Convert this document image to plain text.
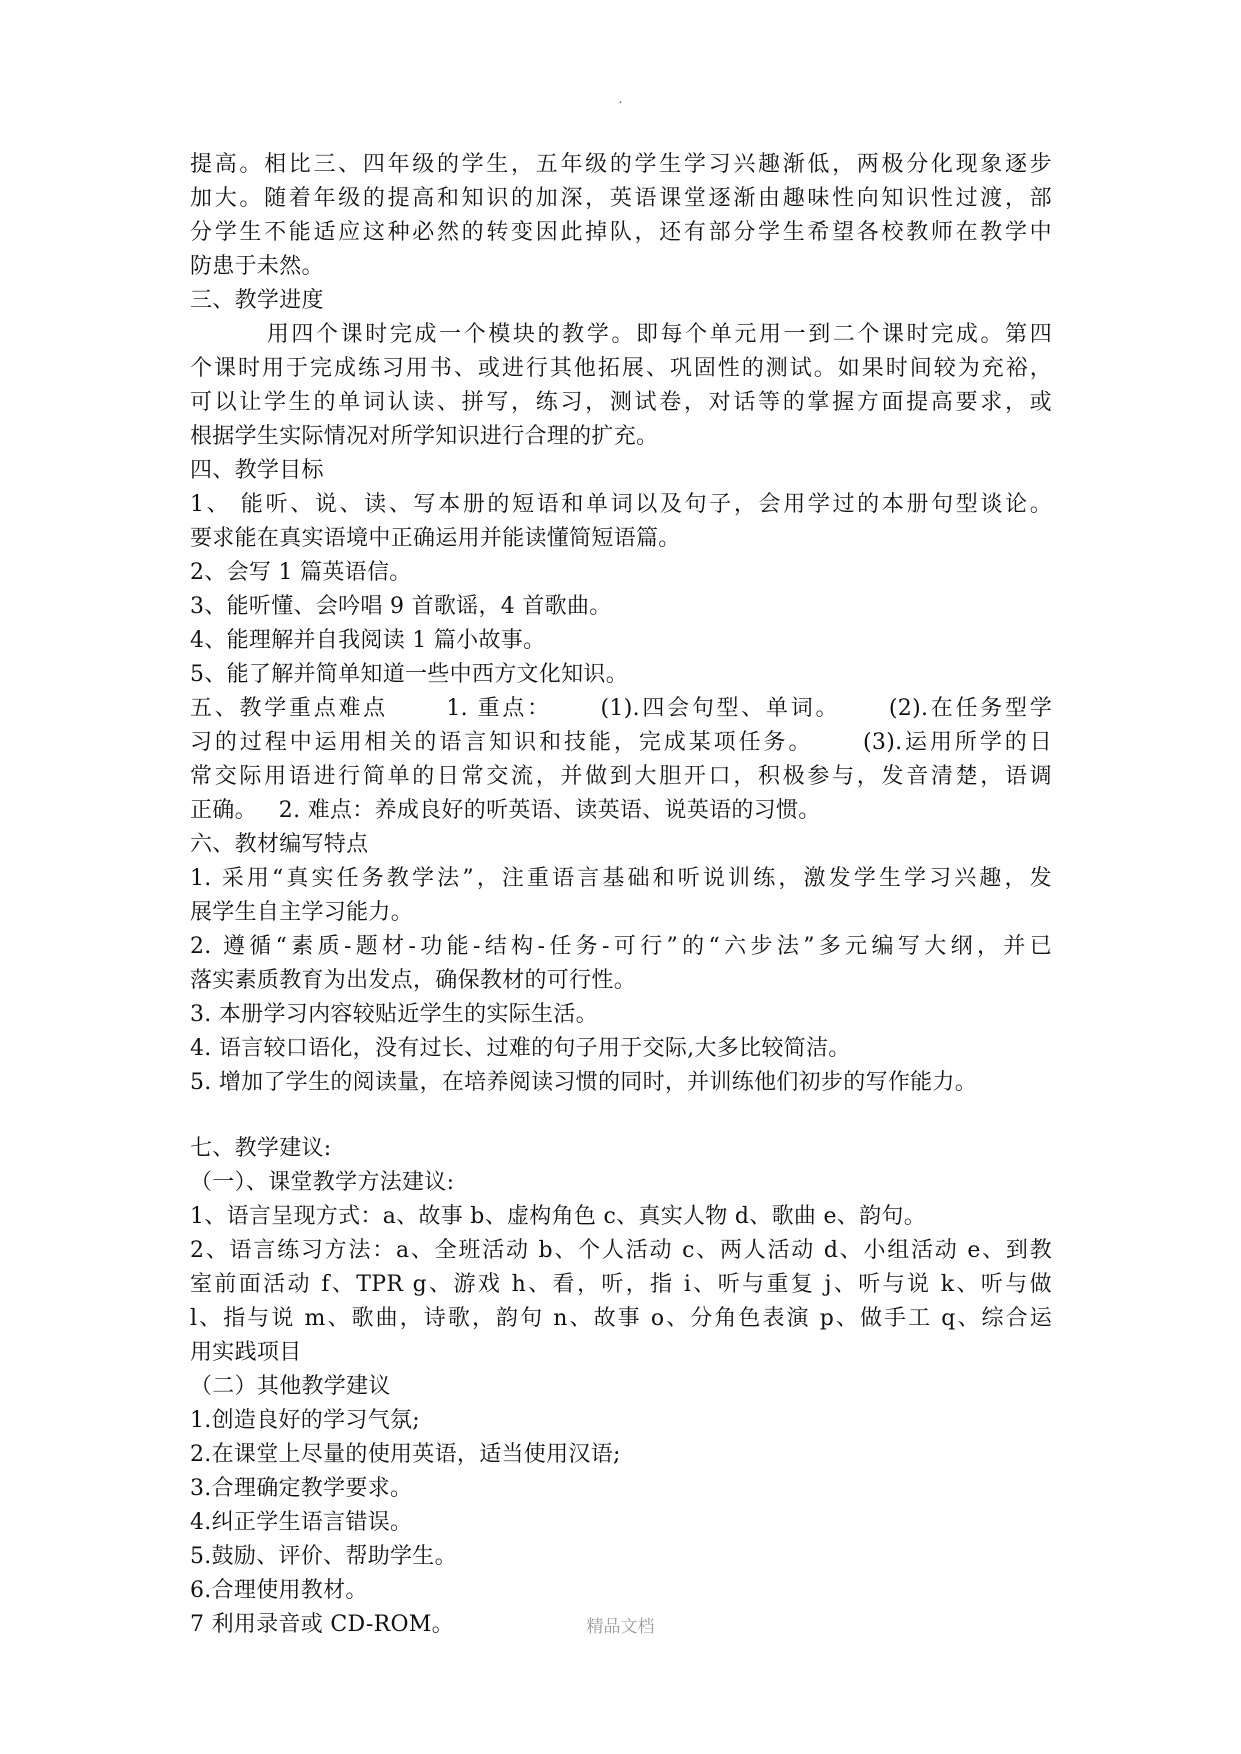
.
提高。相比三、四年级的学生，五年级的学生学习兴趣渐低，两极分化现象逐步
加大。随着年级的提高和知识的加深，英语课堂逐渐由趣味性向知识性过渡，部
分学生不能适应这种必然的转变因此掉队，还有部分学生希望各校教师在教学中
防患于未然。
三、教学进度
用四个课时完成一个模块的教学。即每个单元用一到二个课时完成。第四
个课时用于完成练习用书、或进行其他拓展、巩固性的测试。如果时间较为充裕，
可以让学生的单词认读、拼写，练习，测试卷，对话等的掌握方面提高要求，或
根据学生实际情况对所学知识进行合理的扩充。
四、教学目标
1、 能听、说、读、写本册的短语和单词以及句子，会用学过的本册句型谈论。
要求能在真实语境中正确运用并能读懂简短语篇。
2、会写 1 篇英语信。
3、能听懂、会吟唱 9 首歌谣，4 首歌曲。
4、能理解并自我阅读 1 篇小故事。
5、能了解并简单知道一些中西方文化知识。
五、教学重点难点      1. 重点：     (1).四会句型、单词。     (2).在任务型学
习的过程中运用相关的语言知识和技能，完成某项任务。     (3).运用所学的日
常交际用语进行简单的日常交流，并做到大胆开口，积极参与，发音清楚，语调
正确。   2. 难点：养成良好的听英语、读英语、说英语的习惯。
六、教材编写特点
1. 采用“真实任务教学法”，注重语言基础和听说训练，激发学生学习兴趣，发
展学生自主学习能力。
2. 遵循“素质-题材-功能-结构-任务-可行”的“六步法”多元编写大纲，并已
落实素质教育为出发点，确保教材的可行性。
3. 本册学习内容较贴近学生的实际生活。
4. 语言较口语化，没有过长、过难的句子用于交际,大多比较简洁。
5. 增加了学生的阅读量，在培养阅读习惯的同时，并训练他们初步的写作能力。
七、教学建议:
（一）、课堂教学方法建议:
1、语言呈现方式：a、故事 b、虚构角色 c、真实人物 d、歌曲 e、韵句。
2、语言练习方法：a、全班活动 b、个人活动 c、两人活动 d、小组活动 e、到教
室前面活动 f、TPR g、游戏 h、看，听，指 i、听与重复 j、听与说 k、听与做
l、指与说 m、歌曲，诗歌，韵句 n、故事 o、分角色表演 p、做手工 q、综合运
用实践项目
（二）其他教学建议
1.创造良好的学习气氛;
2.在课堂上尽量的使用英语，适当使用汉语;
3.合理确定教学要求。
4.纠正学生语言错误。
5.鼓励、评价、帮助学生。
6.合理使用教材。
7 利用录音或 CD-ROM。	精品文档
